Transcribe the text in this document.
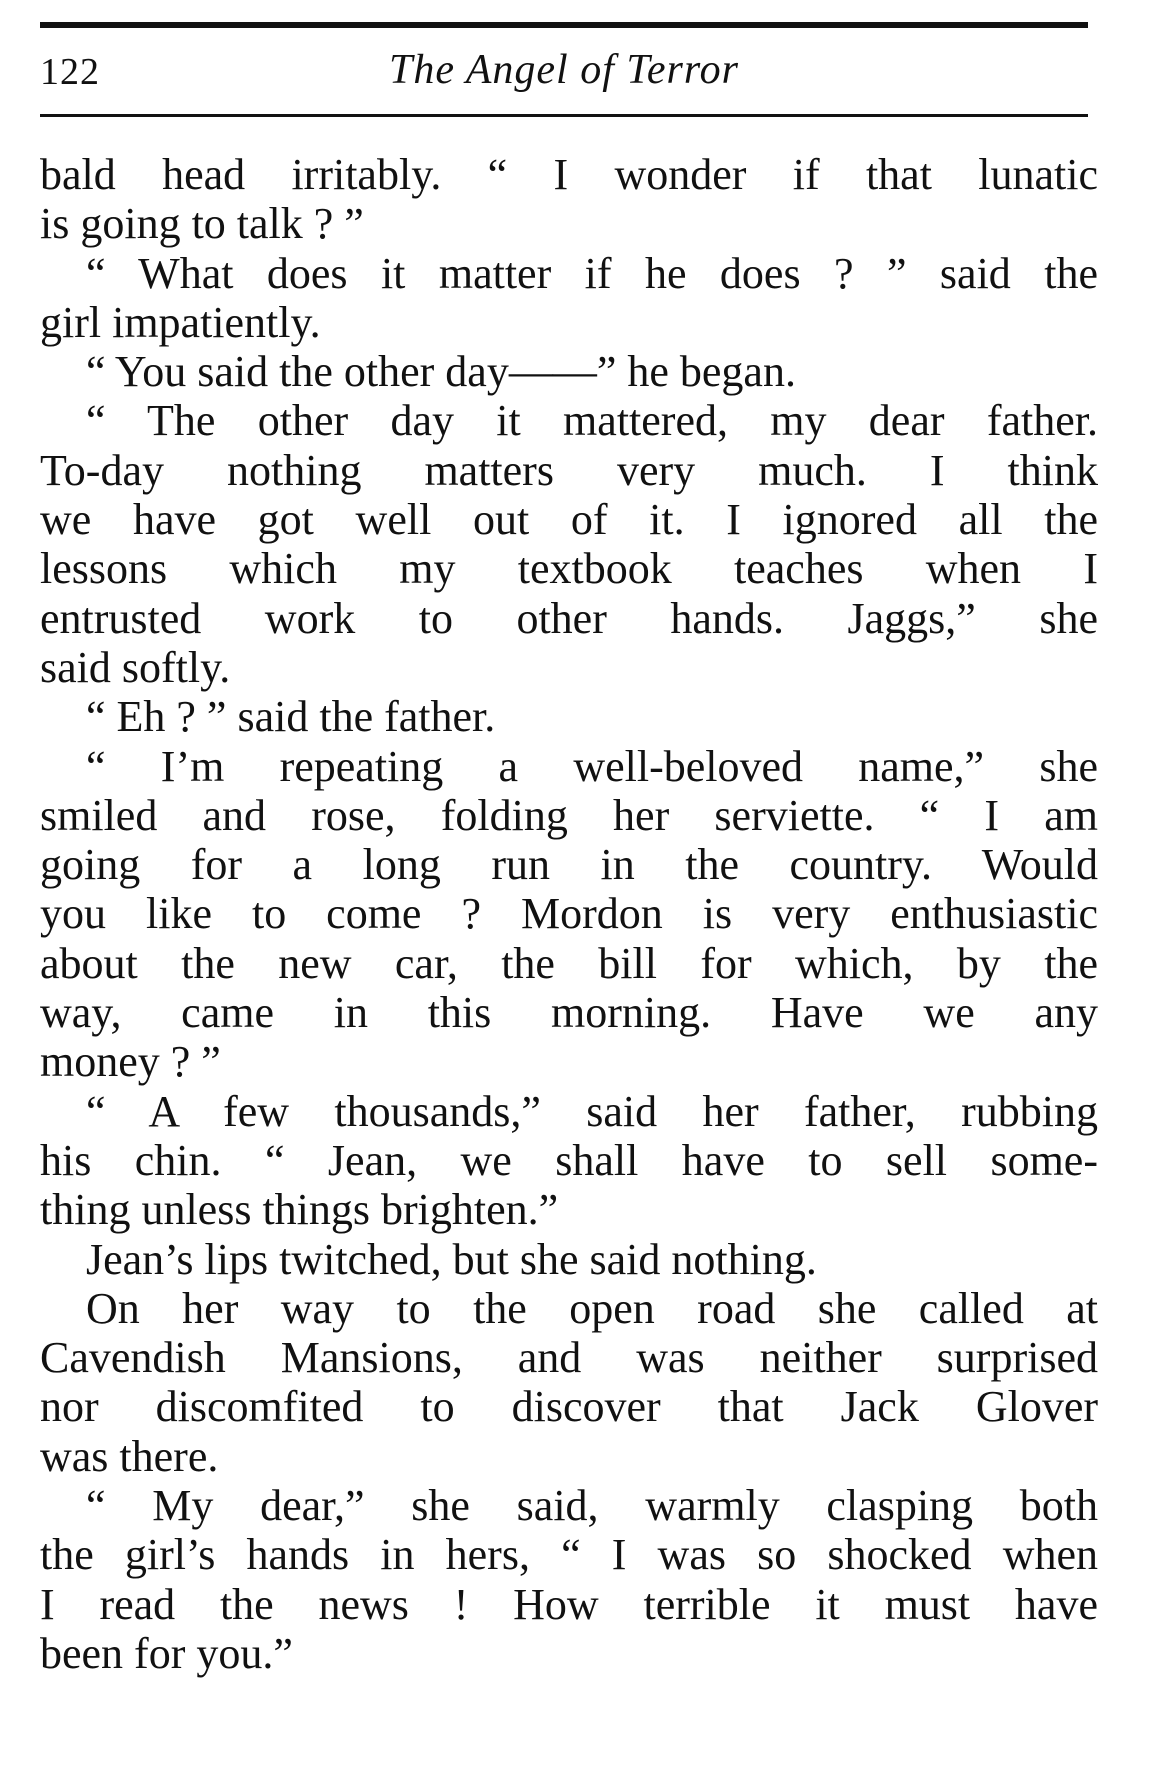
122	The Angel of Terror
bald head irritably. “ I wonder if that lunatic
is going to talk ? ”
“ What does it matter if he does ? ” said the
girl impatiently.
“ You said the other day——” he began.
“ The other day it mattered, my dear father.
To-day nothing matters very much. I think
we have got well out of it. I ignored all the
lessons which my textbook teaches when I
entrusted work to other hands. Jaggs,” she
said softly.
“ Eh ? ” said the father.
“ I’m repeating a well-beloved name,” she
smiled and rose, folding her serviette. “ I am
going for a long run in the country. Would
you like to come ? Mordon is very enthusiastic
about the new car, the bill for which, by the
way, came in this morning. Have we any
money ? ”
“ A few thousands,” said her father, rubbing
his chin. “ Jean, we shall have to sell some-
thing unless things brighten.”
Jean’s lips twitched, but she said nothing.
On her way to the open road she called at
Cavendish Mansions, and was neither surprised
nor discomfited to discover that Jack Glover
was there.
“ My dear,” she said, warmly clasping both
the girl’s hands in hers, “ I was so shocked when
I read the news ! How terrible it must have
been for you.”
